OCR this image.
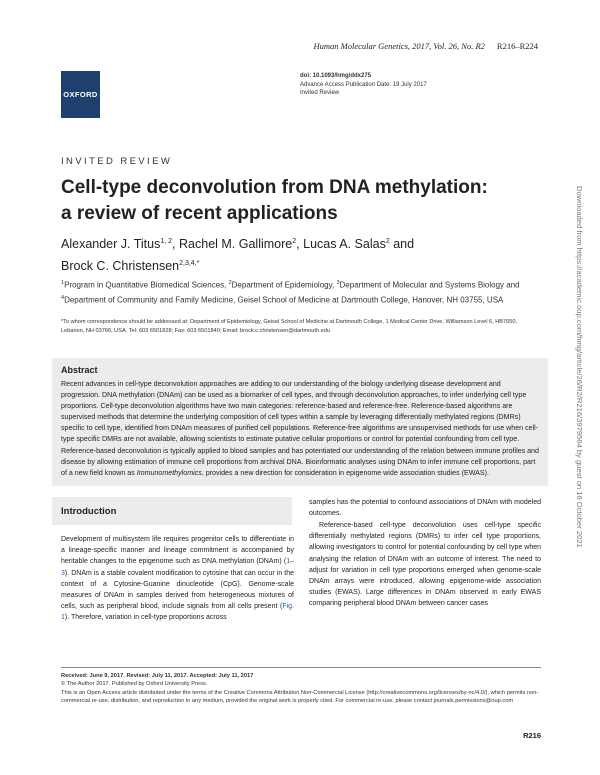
OXFORD
Human Molecular Genetics, 2017, Vol. 26, No. R2 R216–R224
doi: 10.1093/hmg/ddx275
Advance Access Publication Date: 19 July 2017
Invited Review
INVITED REVIEW
Cell-type deconvolution from DNA methylation:
a review of recent applications
Alexander J. Titus$^{1, 2}$, Rachel M. Gallimore$^2$, Lucas A. Salas$^2$ and
Brock C. Christensen$^{2,3,4,*}$
$^1$Program in Quantitative Biomedical Sciences, $^2$Department of Epidemiology, $^3$Department of Molecular and Systems Biology and $^4$Department of Community and Family Medicine, Geisel School of Medicine at Dartmouth College, Hanover, NH 03755, USA
*To whom correspondence should be addressed at: Department of Epidemiology, Geisel School of Medicine at Dartmouth College, 1 Medical Center Drive, Williamson Level 6, HB7650, Lebanon, NH 03766, USA. Tel: 603 6501828; Fax: 603 6501840; Email: brock.c.christensen@dartmouth.edu
Abstract

Recent advances in cell-type deconvolution approaches are adding to our understanding of the biology underlying disease development and progression. DNA methylation (DNAm) can be used as a biomarker of cell types, and through deconvolution approaches, to infer underlying cell type proportions. Cell-type deconvolution algorithms have two main categories: reference-based and reference-free. Reference-based algorithms are supervised methods that determine the underlying composition of cell types within a sample by leveraging differentially methylated regions (DMRs) specific to cell type, identified from DNAm measures of purified cell populations. Reference-free algorithms are unsupervised methods for use when cell-type specific DMRs are not available, allowing scientists to estimate putative cellular proportions or control for potential confounding from cell type. Reference-based deconvolution is typically applied to blood samples and has potentiated our understanding of the relation between immune profiles and disease by allowing estimation of immune cell proportions from archival DNA. Bioinformatic analyses using DNAm to infer immune cell proportions, part of a new field known as Immunomethylomics, provides a new direction for consideration in epigenome wide association studies (EWAS).

Introduction

Development of multisystem life requires progenitor cells to differentiate in a lineage-specific manner and lineage commitment is accompanied by heritable changes to the epigenome such as DNA methylation (DNAm) (1–3). DNAm is a stable covalent modification to cytosine that can occur in the context of a Cytosine-Guanine dinucleotide (CpG). Genome-scale measures of DNAm in samples derived from heterogeneous mixtures of cells, such as peripheral blood, include signals from all cells present (Fig. 1). Therefore, variation in cell-type proportions across

samples has the potential to confound associations of DNAm with modeled outcomes.

Reference-based cell-type deconvolution uses cell-type specific differentially methylated regions (DMRs) to infer cell type proportions, allowing investigators to control for potential confounding by cell type when analysing the relation of DNAm with an outcome of interest. The need to adjust for variation in cell type proportions emerged when genome-scale DNAm arrays were introduced, allowing epigenome-wide association studies (EWAS). Large differences in DNAm observed in early EWAS comparing peripheral blood DNAm between cancer cases

Received: June 9, 2017. Revised: July 11, 2017. Accepted: July 11, 2017
© The Author 2017. Published by Oxford University Press.
This is an Open Access article distributed under the terms of the Creative Commons Attribution Non-Commercial License (http://creativecommons.org/licenses/by-nc/4.0/), which permits non-commercial re-use, distribution, and reproduction in any medium, provided the original work is properly cited. For commercial re-use, please contact journals.permissions@oup.com
R216
Downloaded from https://academic.oup.com/hmg/article/26/R2/R216/3979564 by guest on 16 October 2021
